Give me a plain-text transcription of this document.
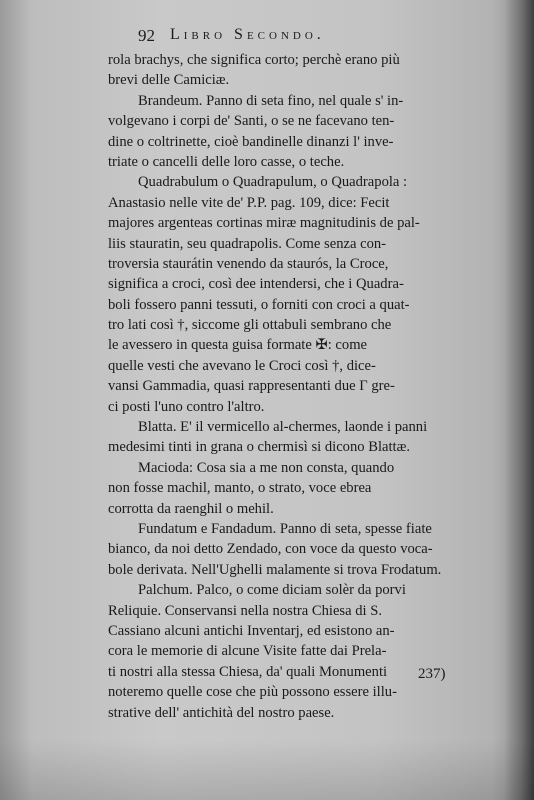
92 Libro Secondo.
rola brachys, che significa corto; perchè erano più
brevi delle Camiciæ.
Brandeum. Panno di seta fino, nel quale s' in-
volgevano i corpi de' Santi, o se ne facevano ten-
dine o coltrinette, cioè bandinelle dinanzi l' inve-
triate o cancelli delle loro casse, o teche.
Quadrabulum o Quadrapulum, o Quadrapola :
Anastasio nelle vite de' P.P. pag. 109, dice: Fecit
majores argenteas cortinas miræ magnitudinis de pal-
liis stauratin, seu quadrapolis. Come senza con-
troversia staurátin venendo da staurós, la Croce,
significa a croci, così dee intendersi, che i Quadra-
boli fossero panni tessuti, o forniti con croci a quat-
tro lati così †, siccome gli ottabuli sembrano che
le avessero in questa guisa formate ✠: come
quelle vesti che avevano le Croci così †, dice-
vansi Gammadia, quasi rappresentanti due Γ gre-
ci posti l'uno contro l'altro.
Blatta. E' il vermicello al-chermes, laonde i panni
medesimi tinti in grana o chermisì si dicono Blattæ.
Macioda: Cosa sia a me non consta, quando
non fosse machil, manto, o strato, voce ebrea
corrotta da raenghil o mehil.
Fundatum e Fandadum. Panno di seta, spesse fiate
bianco, da noi detto Zendado, con voce da questo voca-
bole derivata. Nell'Ughelli malamente si trova Frodatum.
Palchum. Palco, o come diciam solèr da porvi
Reliquie. Conservansi nella nostra Chiesa di S.
Cassiano alcuni antichi Inventarj, ed esistono an-
cora le memorie di alcune Visite fatte dai Prela-
ti nostri alla stessa Chiesa, da' quali Monumenti
noteremo quelle cose che più possono essere illu-
strative dell' antichità del nostro paese.
237)
